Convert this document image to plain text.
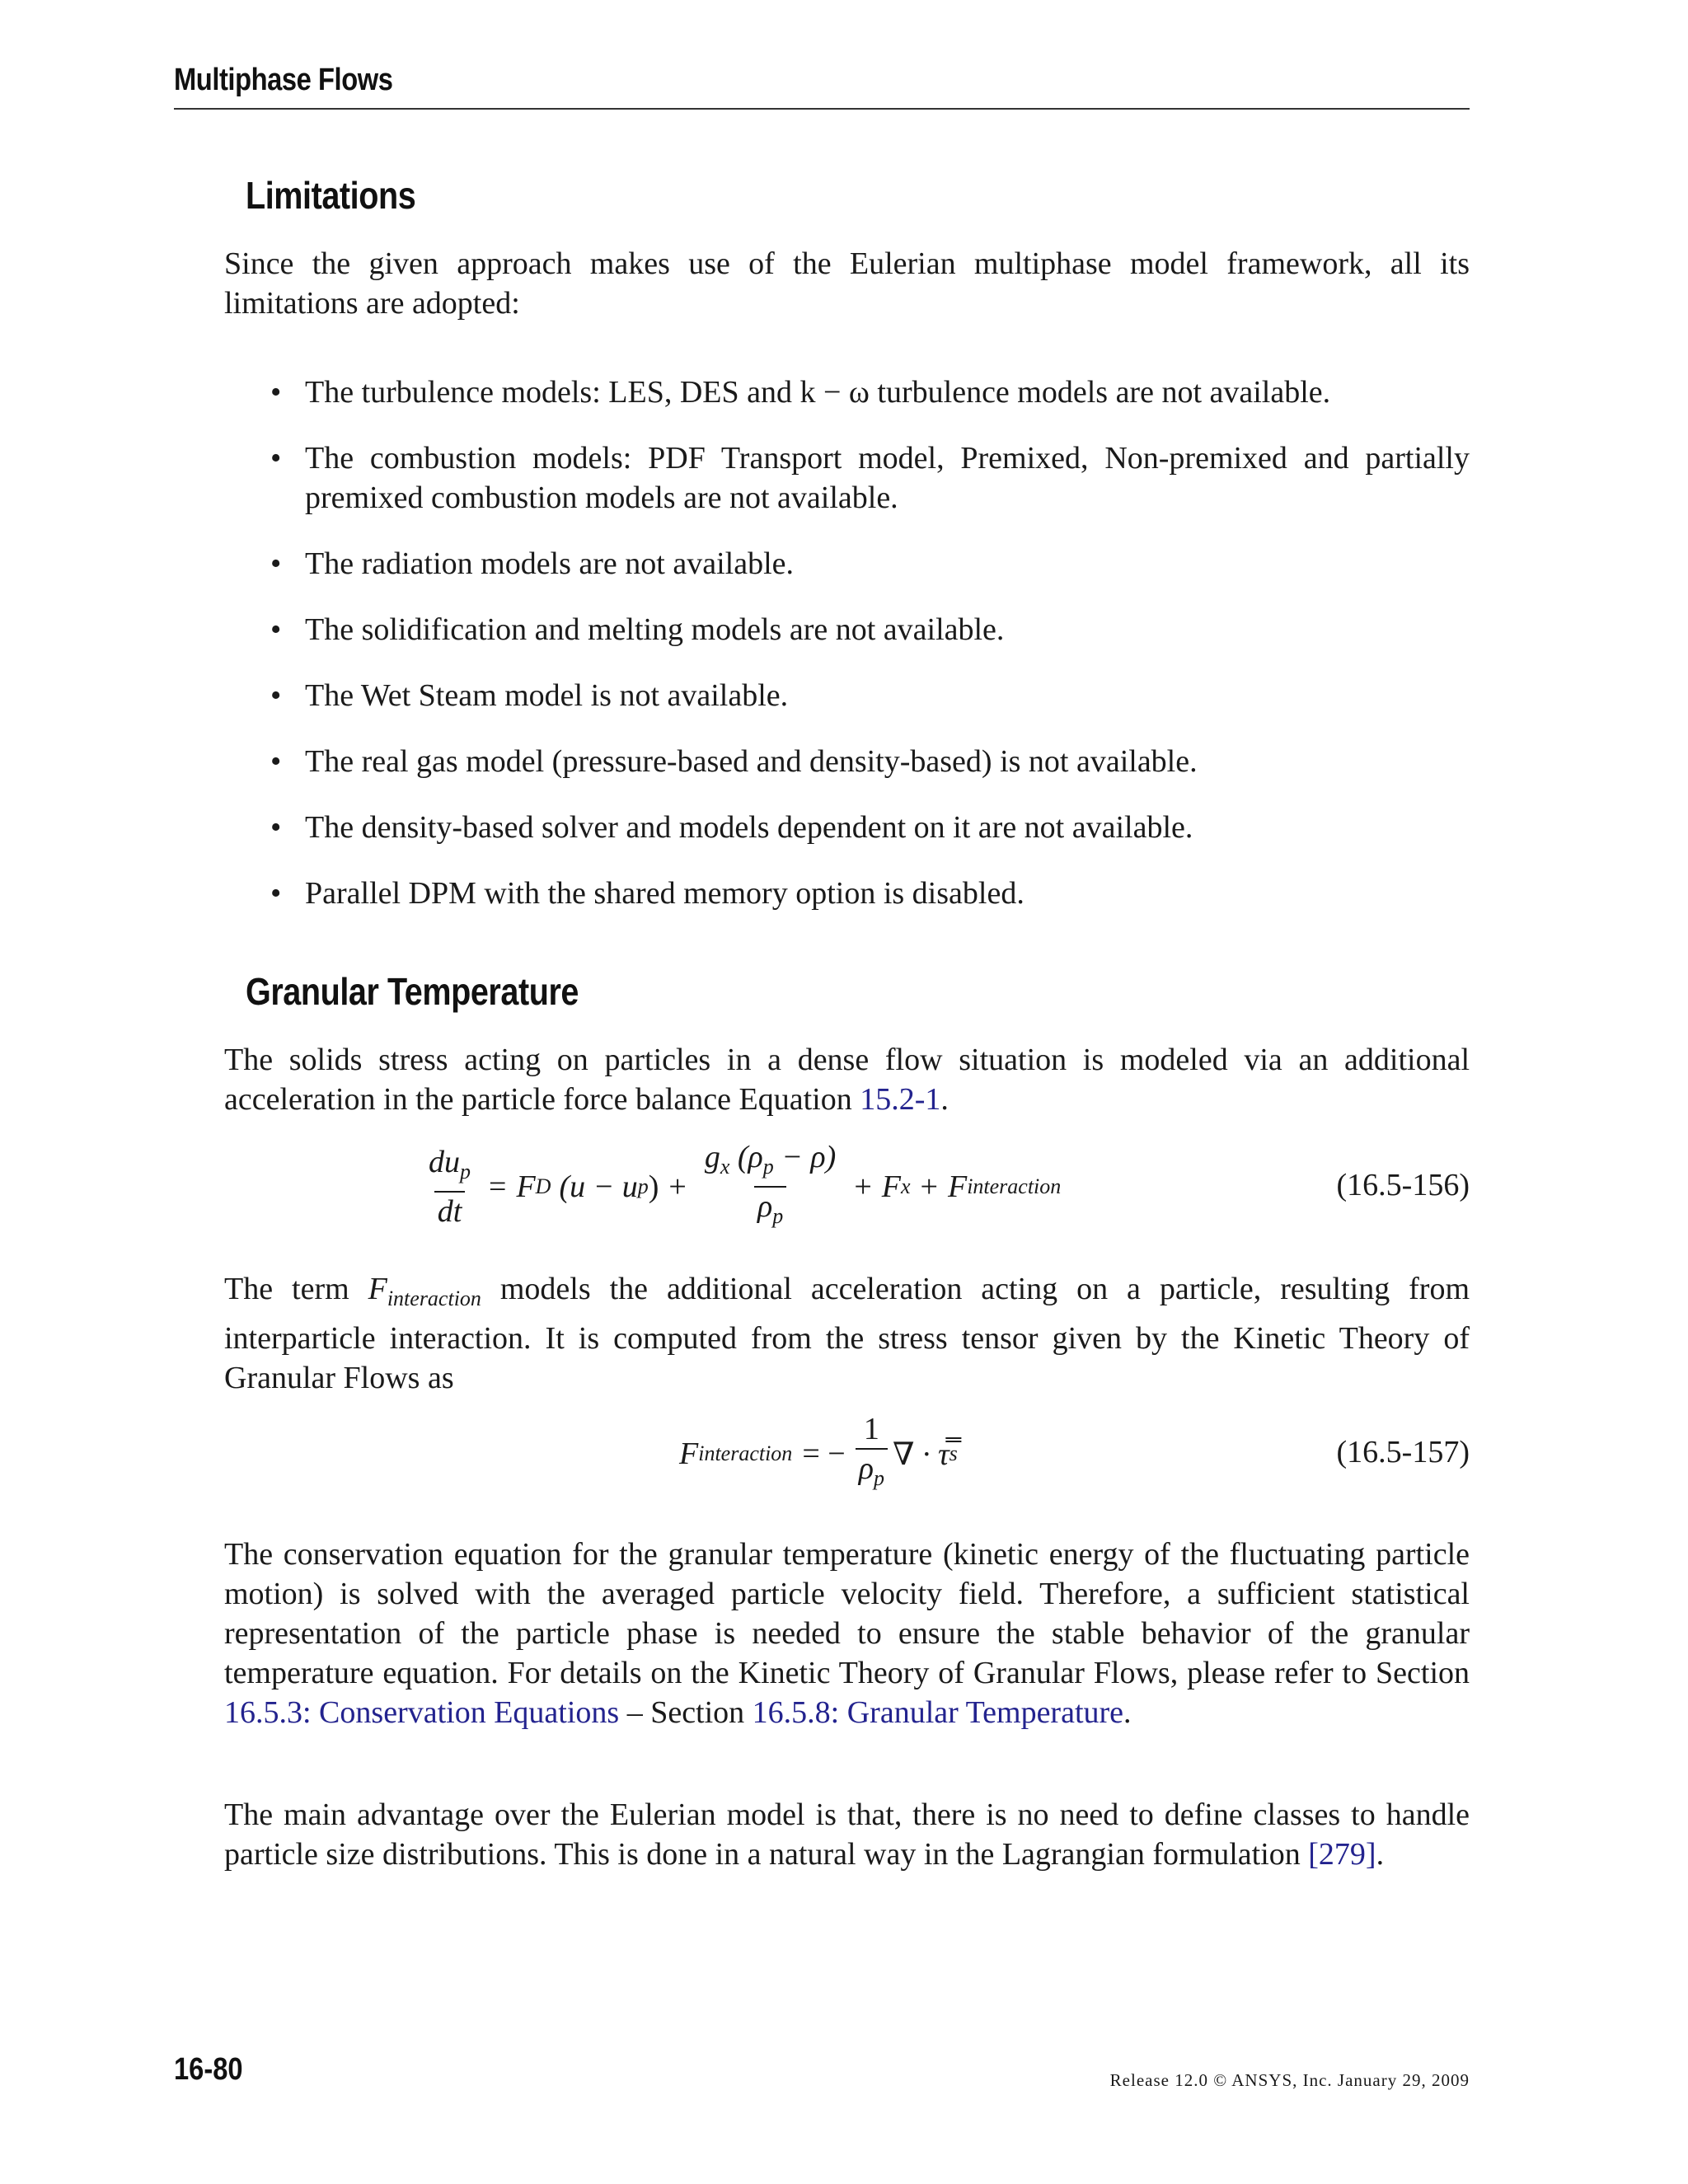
Multiphase Flows
Limitations
Since the given approach makes use of the Eulerian multiphase model framework, all its limitations are adopted:
• The turbulence models: LES, DES and k − ω turbulence models are not available.
• The combustion models: PDF Transport model, Premixed, Non-premixed and partially premixed combustion models are not available.
• The radiation models are not available.
• The solidification and melting models are not available.
• The Wet Steam model is not available.
• The real gas model (pressure-based and density-based) is not available.
• The density-based solver and models dependent on it are not available.
• Parallel DPM with the shared memory option is disabled.
Granular Temperature
The solids stress acting on particles in a dense flow situation is modeled via an additional acceleration in the particle force balance Equation 15.2-1.
$\frac{du_p}{dt} = F$ D (u − u p ) + $\frac{g_x (\rho_p - \rho)}{\rho_p} + F$ x + F interaction	(16.5-156)
The term $F_{interaction}$ models the additional acceleration acting on a particle, resulting from interparticle interaction. It is computed from the stress tensor given by the Kinetic Theory of Granular Flows as
F interaction = − $\frac{1}{\rho_p}$ ∇ · τ̿ s	(16.5-157)
The conservation equation for the granular temperature (kinetic energy of the fluctuating particle motion) is solved with the averaged particle velocity field. Therefore, a sufficient statistical representation of the particle phase is needed to ensure the stable behavior of the granular temperature equation. For details on the Kinetic Theory of Granular Flows, please refer to Section 16.5.3: Conservation Equations – Section 16.5.8: Granular Temperature.
The main advantage over the Eulerian model is that, there is no need to define classes to handle particle size distributions. This is done in a natural way in the Lagrangian formulation [279].
16-80	Release 12.0 © ANSYS, Inc. January 29, 2009
